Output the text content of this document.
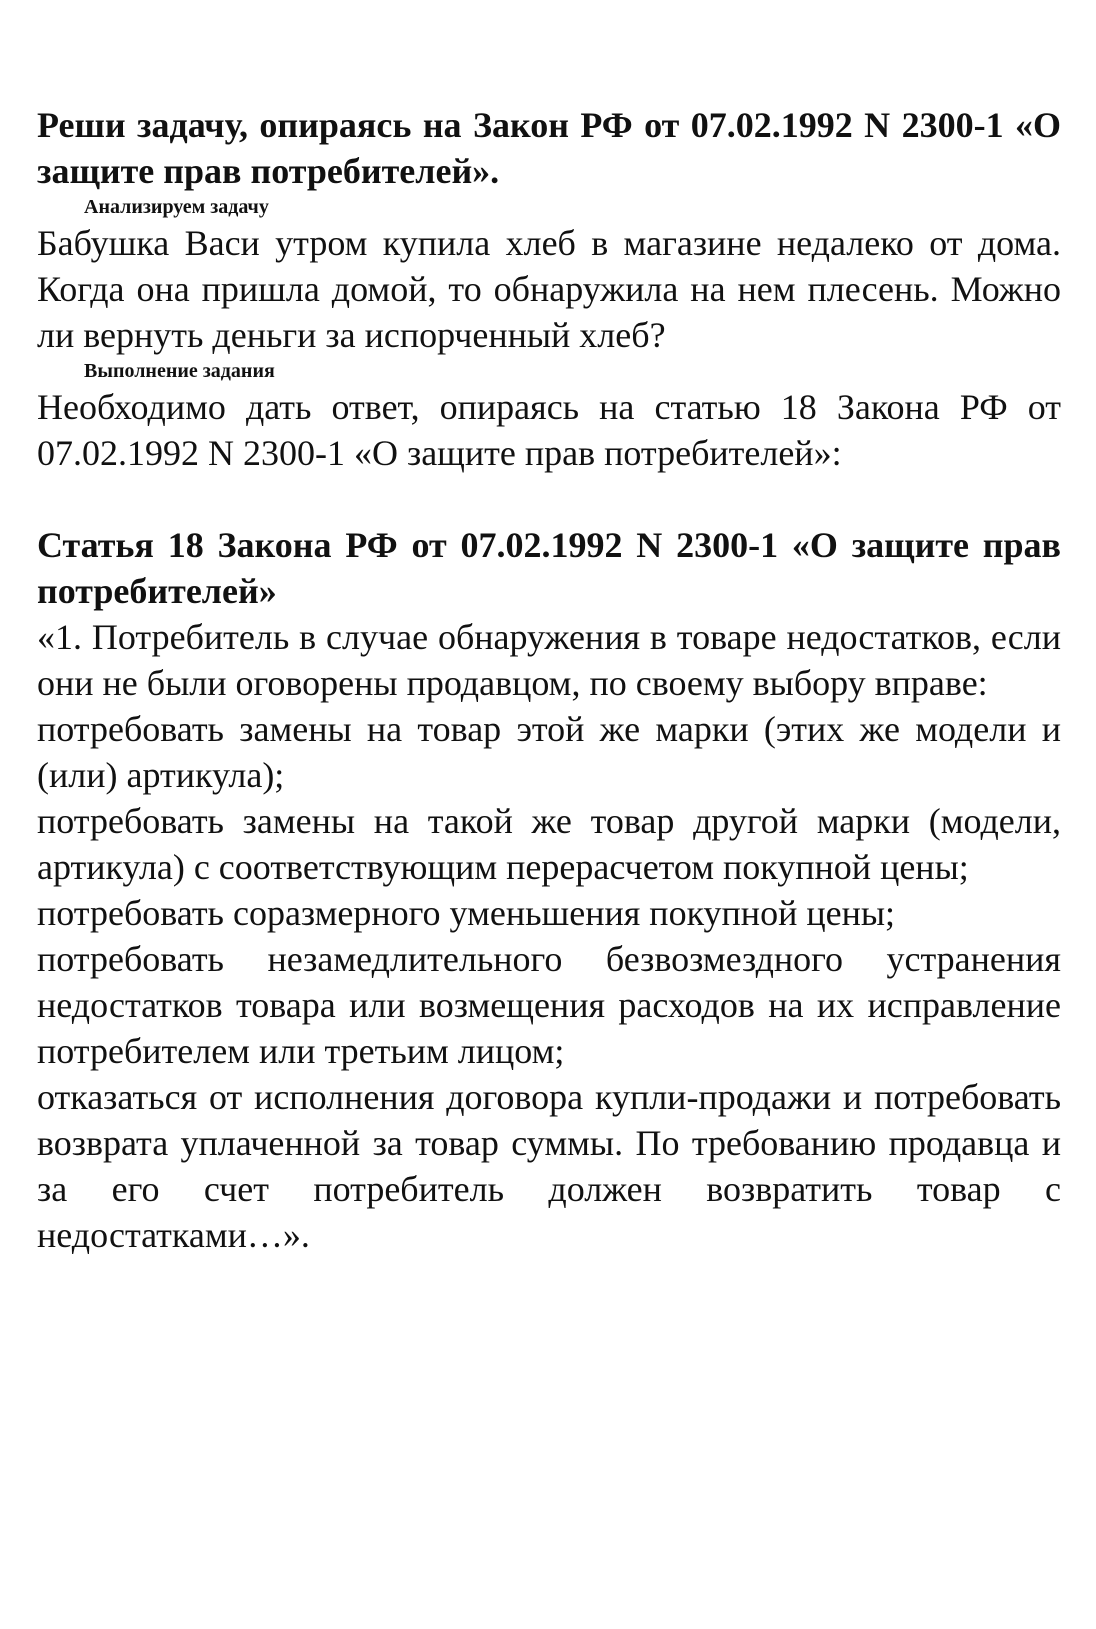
Реши задачу, опираясь на Закон РФ от 07.02.1992 N 2300-1 «О защите прав потребителей».

Анализируем задачу

Бабушка Васи утром купила хлеб в магазине недалеко от дома. Когда она пришла домой, то обнаружила на нем плесень. Можно ли вернуть деньги за испорченный хлеб?

Выполнение задания

Необходимо дать ответ, опираясь на статью 18 Закона РФ от 07.02.1992 N 2300-1 «О защите прав потребителей»:

Статья 18 Закона РФ от 07.02.1992 N 2300-1 «О защите прав потребителей»

«1. Потребитель в случае обнаружения в товаре недостатков, если они не были оговорены продавцом, по своему выбору вправе:

потребовать замены на товар этой же марки (этих же модели и (или) артикула);

потребовать замены на такой же товар другой марки (модели, артикула) с соответствующим перерасчетом покупной цены;

потребовать соразмерного уменьшения покупной цены;

потребовать незамедлительного безвозмездного устранения недостатков товара или возмещения расходов на их исправление потребителем или третьим лицом;

отказаться от исполнения договора купли-продажи и потребовать возврата уплаченной за товар суммы. По требованию продавца и за его счет потребитель должен возвратить товар с недостатками…».
